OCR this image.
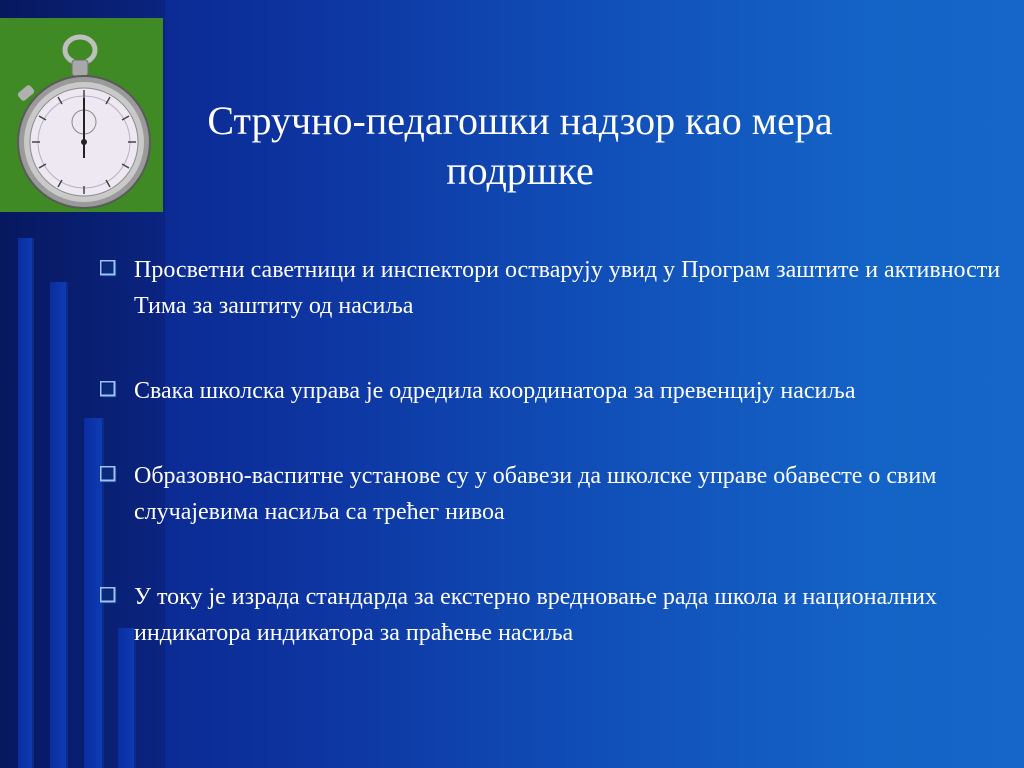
Стручно-педагошки надзор као мера
подршке
Просветни саветници и инспектори остварују увид у Програм заштите и активности Тима за заштиту од насиља
Свака школска управа је одредила координатора за превенцију насиља
Образовно-васпитне установе су у обавези да школске управе обавесте о свим случајевима насиља са трећег нивоа
У току је израда стандарда за екстерно вредновање рада школа и националних индикатора индикатора за праћење насиља
